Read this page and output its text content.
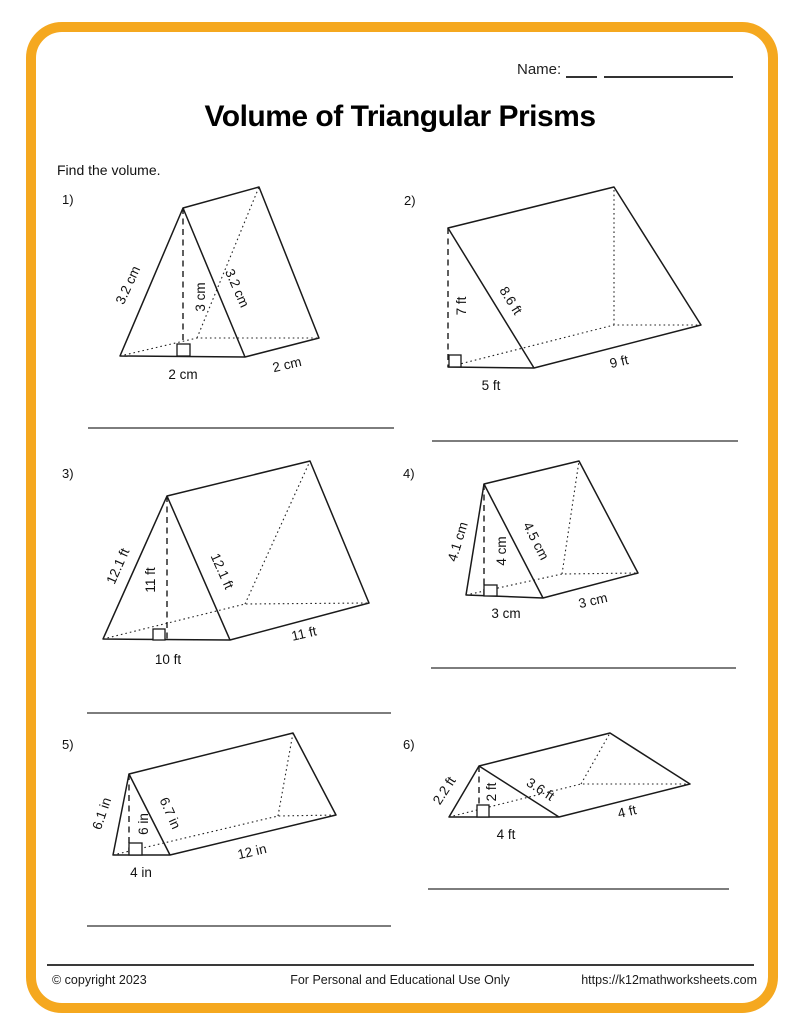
Name:
Volume of Triangular Prisms
Find the volume.
1)	2)
3)	4)
5)	6)
3.2 cm	3 cm 3.2 cm
2 cm	2 cm
7 ft 8.6 ft
5 ft
9 ft
12.1 ft 11 ft	12.1 ft
10 ft
11 ft
4.1 cm 4 cm 4.5 cm
3 cm
3 cm
6.1 in 6 in 6.7 in
4 in
12 in
2.2 ft 2 ft 3.6 ft
4 ft
4 ft
© copyright 2023	For Personal and Educational Use Only	https://k12mathworksheets.com
